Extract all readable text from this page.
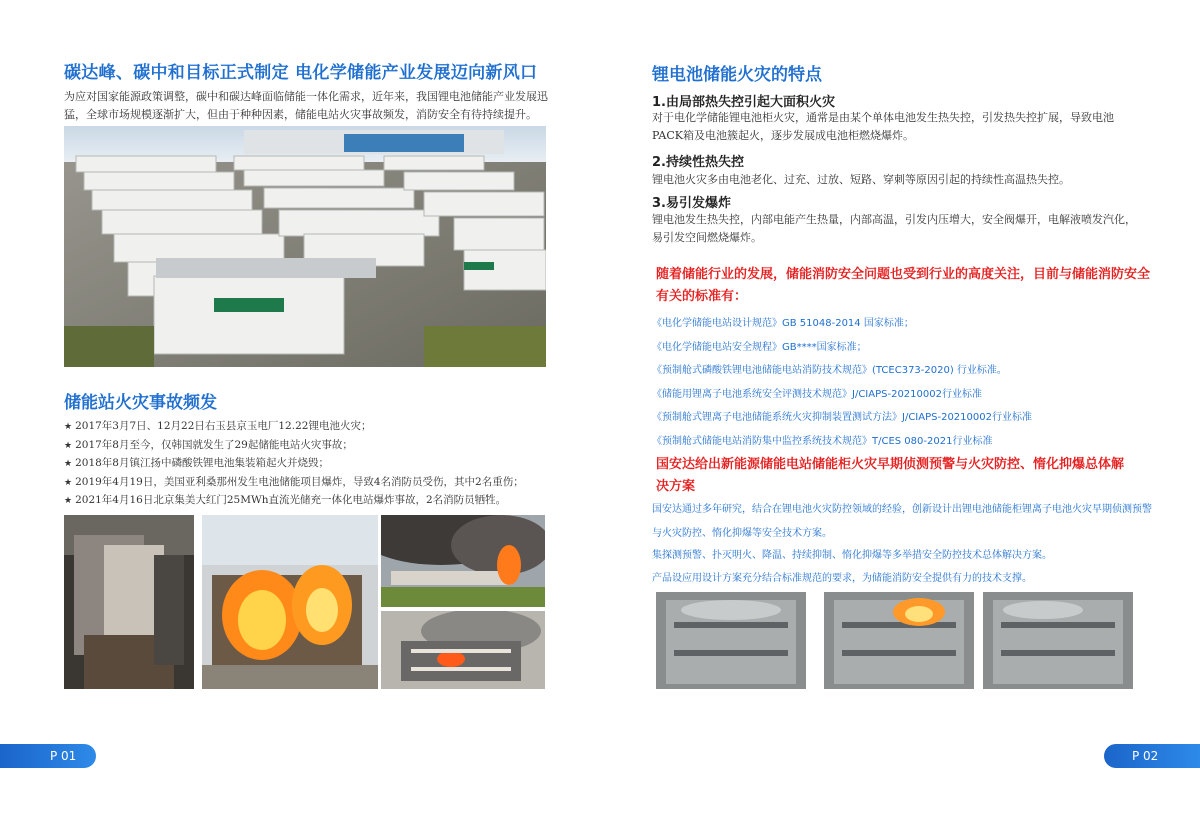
碳达峰、碳中和目标正式制定 电化学储能产业发展迈向新风口

为应对国家能源政策调整，碳中和碳达峰面临储能一体化需求，近年来，我国锂电池储能产业发展迅猛，全球市场规模逐渐扩大，但由于种种因素，储能电站火灾事故频发，消防安全有待持续提升。

储能站火灾事故频发
★ 2017年3月7日、12月22日右玉县京玉电厂12.22锂电池火灾；
★ 2017年8月至今，仅韩国就发生了29起储能电站火灾事故；
★ 2018年8月镇江扬中磷酸铁锂电池集装箱起火并烧毁；
★ 2019年4月19日，美国亚利桑那州发生电池储能项目爆炸，导致4名消防员受伤，其中2名重伤；
★ 2021年4月16日北京集美大红门25MWh直流光储充一体化电站爆炸事故，2名消防员牺牲。
P 01
锂电池储能火灾的特点
1.由局部热失控引起大面积火灾

对于电化学储能锂电池柜火灾，通常是由某个单体电池发生热失控，引发热失控扩展，导致电池PACK箱及电池簇起火，逐步发展成电池柜燃烧爆炸。

2.持续性热失控

锂电池火灾多由电池老化、过充、过放、短路、穿刺等原因引起的持续性高温热失控。

3.易引发爆炸

锂电池发生热失控，内部电能产生热量，内部高温，引发内压增大，安全阀爆开，电解液喷发汽化，易引发空间燃烧爆炸。

随着储能行业的发展，储能消防安全问题也受到行业的高度关注，目前与储能消防安全有关的标准有：

《电化学储能电站设计规范》GB 51048-2014 国家标准；
《电化学储能电站安全规程》GB****国家标准；
《预制舱式磷酸铁锂电池储能电站消防技术规范》(TCEC373-2020) 行业标准。
《储能用锂离子电池系统安全评测技术规范》J/CIAPS-20210002行业标准
《预制舱式锂离子电池储能系统火灾抑制装置测试方法》J/CIAPS-20210002行业标准
《预制舱式储能电站消防集中监控系统技术规范》T/CES 080-2021行业标准

国安达给出新能源储能电站储能柜火灾早期侦测预警与火灾防控、惰化抑爆总体解决方案

国安达通过多年研究，结合在锂电池火灾防控领域的经验，创新设计出锂电池储能柜锂离子电池火灾早期侦测预警与火灾防控、惰化抑爆等安全技术方案。

集探测预警、扑灭明火、降温、持续抑制、惰化抑爆等多举措安全防控技术总体解决方案。

产品设应用设计方案充分结合标准规范的要求，为储能消防安全提供有力的技术支撑。

P 02
